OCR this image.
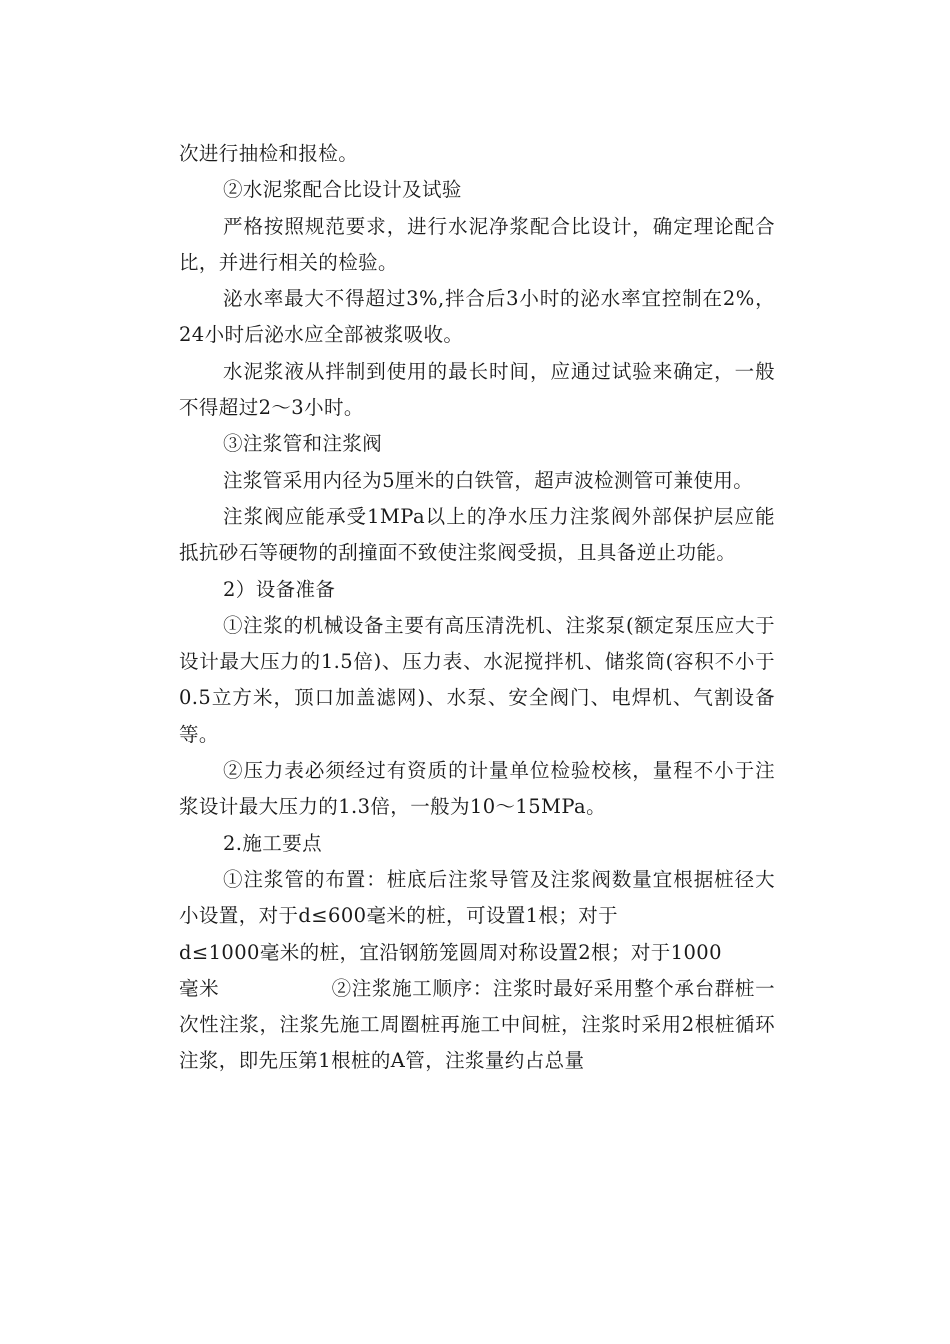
次进行抽检和报检。

②水泥浆配合比设计及试验

严格按照规范要求，进行水泥净浆配合比设计，确定理论配合比，并进行相关的检验。

泌水率最大不得超过3%,拌合后3小时的泌水率宜控制在2%，24小时后泌水应全部被浆吸收。

水泥浆液从拌制到使用的最长时间，应通过试验来确定，一般不得超过2～3小时。

③注浆管和注浆阀

注浆管采用内径为5厘米的白铁管，超声波检测管可兼使用。

注浆阀应能承受1MPa以上的净水压力注浆阀外部保护层应能抵抗砂石等硬物的刮撞面不致使注浆阀受损，且具备逆止功能。

2）设备准备

①注浆的机械设备主要有高压清洗机、注浆泵(额定泵压应大于设计最大压力的1.5倍)、压力表、水泥搅拌机、储浆筒(容积不小于0.5立方米，顶口加盖滤网)、水泵、安全阀门、电焊机、气割设备等。

②压力表必须经过有资质的计量单位检验校核，量程不小于注浆设计最大压力的1.3倍，一般为10～15MPa。

2.施工要点

①注浆管的布置：桩底后注浆导管及注浆阀数量宜根据桩径大小设置，对于d≤600毫米的桩，可设置1根；对于

d≤1000毫米的桩，宜沿钢筋笼圆周对称设置2根；对于1000

毫米	②注浆施工顺序：注浆时最好采用整个承台群桩一次性注浆，注浆先施工周圈桩再施工中间桩，注浆时采用2根桩循环注浆，即先压第1根桩的A管，注浆量约占总量
